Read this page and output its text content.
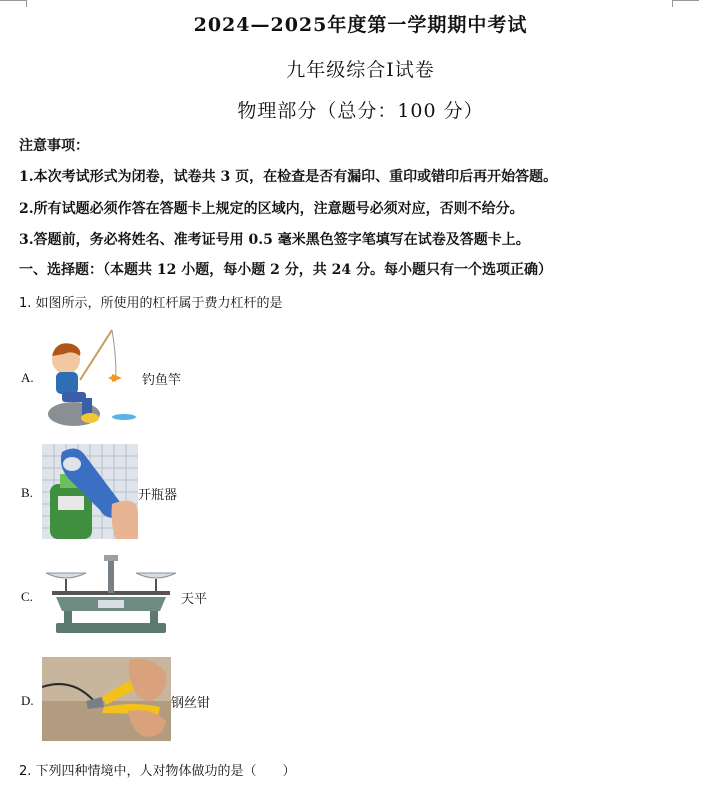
2024—2025年度第一学期期中考试
九年级综合Ⅰ试卷
物理部分（总分：100 分）
注意事项：
1.本次考试形式为闭卷，试卷共 3 页，在检查是否有漏印、重印或错印后再开始答题。
2.所有试题必须作答在答题卡上规定的区域内，注意题号必须对应，否则不给分。
3.答题前，务必将姓名、准考证号用 0.5 毫米黑色签字笔填写在试卷及答题卡上。
一、选择题：（本题共 12 小题，每小题 2 分，共 24 分。每小题只有一个选项正确）
1. 如图所示，所使用的杠杆属于费力杠杆的是
A.	钓鱼竿
B.	开瓶器
C.	天平
D.	钢丝钳
2. 下列四种情境中，人对物体做功的是（　　）
